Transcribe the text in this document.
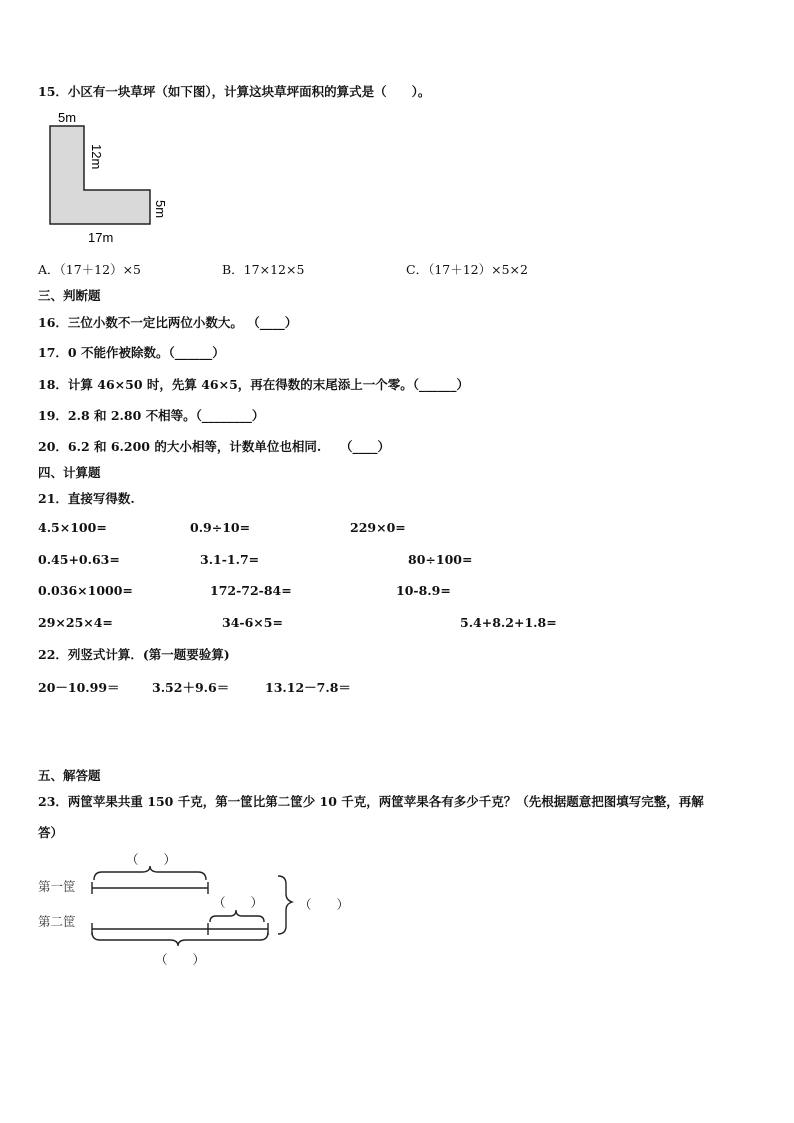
15．小区有一块草坪（如下图），计算这块草坪面积的算式是（　　）。
5m
12m
5m
17m
A．（17＋12）×5	B．17×12×5	C．（17＋12）×5×2
三、判断题
16．三位小数不一定比两位小数大。 （____）
17．0 不能作被除数。（______）
18．计算 46×50 时，先算 46×5，再在得数的末尾添上一个零。（______）
19．2.8 和 2.80 不相等。（________）
20．6.2 和 6.200 的大小相等，计数单位也相同.　　（____）
四、计算题
21．直接写得数.
4.5×100=	0.9÷10=	229×0=
0.45+0.63=	3.1-1.7=	80÷100=
0.036×1000=	172-72-84=	10-8.9=
29×25×4=	34-6×5=	5.4+8.2+1.8=
22．列竖式计算．(第一题要验算)
20－10.99＝	3.52＋9.6＝	13.12－7.8＝
五、解答题
23．两筐苹果共重 150 千克，第一筐比第二筐少 10 千克，两筐苹果各有多少千克？（先根据题意把图填写完整，再解
答）
（　　）
第一筐
第二筐
（　　）	（　　）
（　　）
